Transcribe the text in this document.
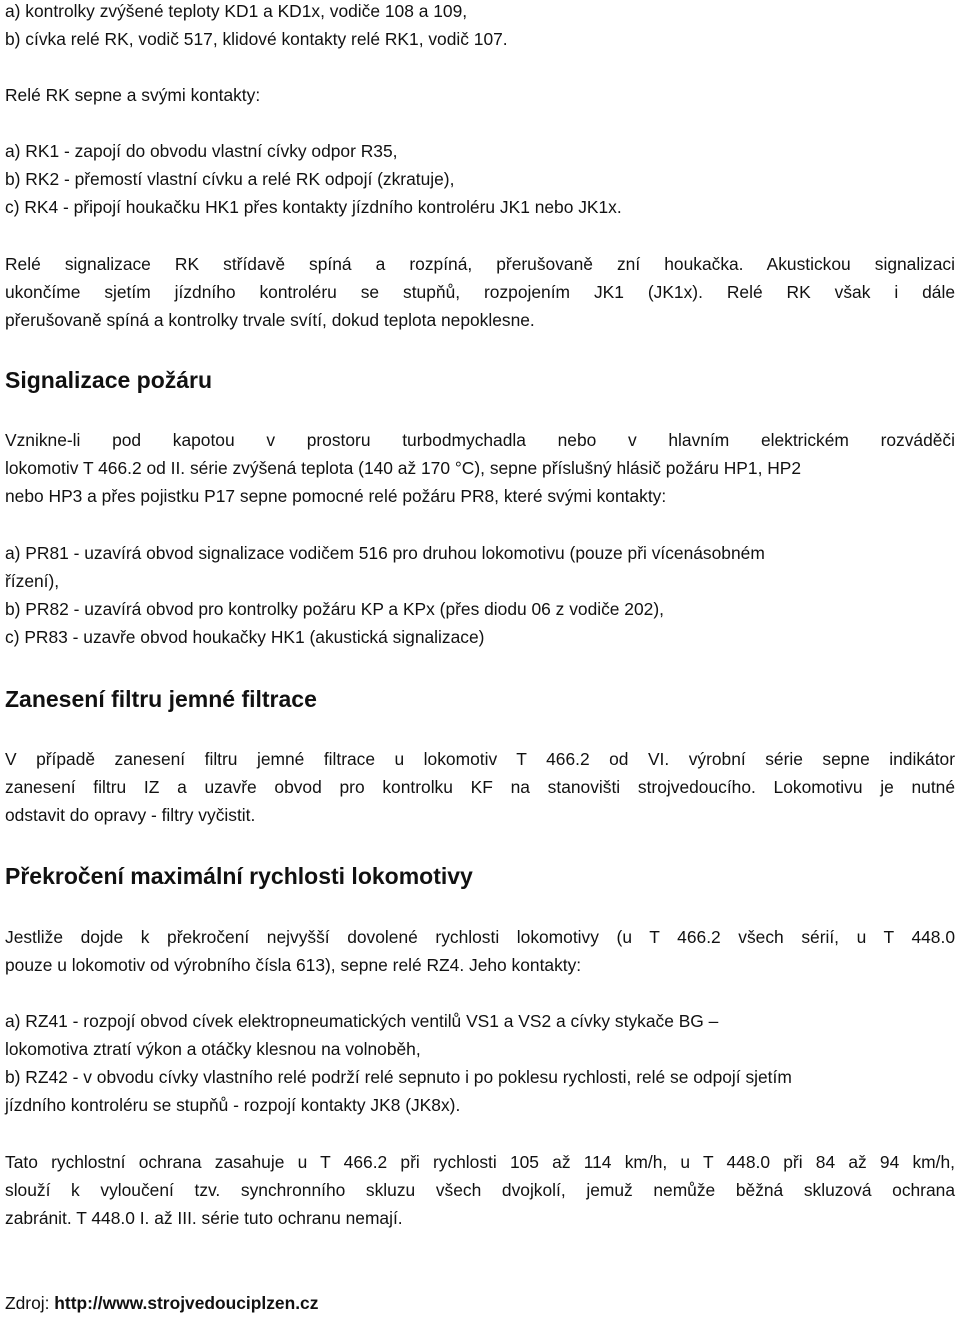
a) kontrolky zvýšené teploty KD1 a KD1x, vodiče 108 a 109,
b) cívka relé RK, vodič 517, klidové kontakty relé RK1, vodič 107.
Relé RK sepne a svými kontakty:
a) RK1 - zapojí do obvodu vlastní cívky odpor R35,
b) RK2 - přemostí vlastní cívku a relé RK odpojí (zkratuje),
c) RK4 - připojí houkačku HK1 přes kontakty jízdního kontroléru JK1 nebo JK1x.
Relé signalizace RK střídavě spíná a rozpíná, přerušovaně zní houkačka. Akustickou signalizaci
ukončíme sjetím jízdního kontroléru se stupňů, rozpojením JK1 (JK1x). Relé RK však i dále
přerušovaně spíná a kontrolky trvale svítí, dokud teplota nepoklesne.
Signalizace požáru
Vznikne-li pod kapotou v prostoru turbodmychadla nebo v hlavním elektrickém rozváděči
lokomotiv T 466.2 od II. série zvýšená teplota (140 až 170 °C), sepne příslušný hlásič požáru HP1, HP2
nebo HP3 a přes pojistku P17 sepne pomocné relé požáru PR8, které svými kontakty:
a) PR81 - uzavírá obvod signalizace vodičem 516 pro druhou lokomotivu (pouze při vícenásobném
řízení),
b) PR82 - uzavírá obvod pro kontrolky požáru KP a KPx (přes diodu 06 z vodiče 202),
c) PR83 - uzavře obvod houkačky HK1 (akustická signalizace)
Zanesení filtru jemné filtrace
V případě zanesení filtru jemné filtrace u lokomotiv T 466.2 od VI. výrobní série sepne indikátor
zanesení filtru IZ a uzavře obvod pro kontrolku KF na stanovišti strojvedoucího. Lokomotivu je nutné
odstavit do opravy - filtry vyčistit.
Překročení maximální rychlosti lokomotivy
Jestliže dojde k překročení nejvyšší dovolené rychlosti lokomotivy (u T 466.2 všech sérií, u T 448.0
pouze u lokomotiv od výrobního čísla 613), sepne relé RZ4. Jeho kontakty:
a) RZ41 - rozpojí obvod cívek elektropneumatických ventilů VS1 a VS2 a cívky stykače BG –
lokomotiva ztratí výkon a otáčky klesnou na volnoběh,
b) RZ42 - v obvodu cívky vlastního relé podrží relé sepnuto i po poklesu rychlosti, relé se odpojí sjetím
jízdního kontroléru se stupňů - rozpojí kontakty JK8 (JK8x).
Tato rychlostní ochrana zasahuje u T 466.2 při rychlosti 105 až 114 km/h, u T 448.0 při 84 až 94 km/h,
slouží k vyloučení tzv. synchronního skluzu všech dvojkolí, jemuž nemůže běžná skluzová ochrana
zabránit. T 448.0 I. až III. série tuto ochranu nemají.
Zdroj: http://www.strojvedouciplzen.cz
